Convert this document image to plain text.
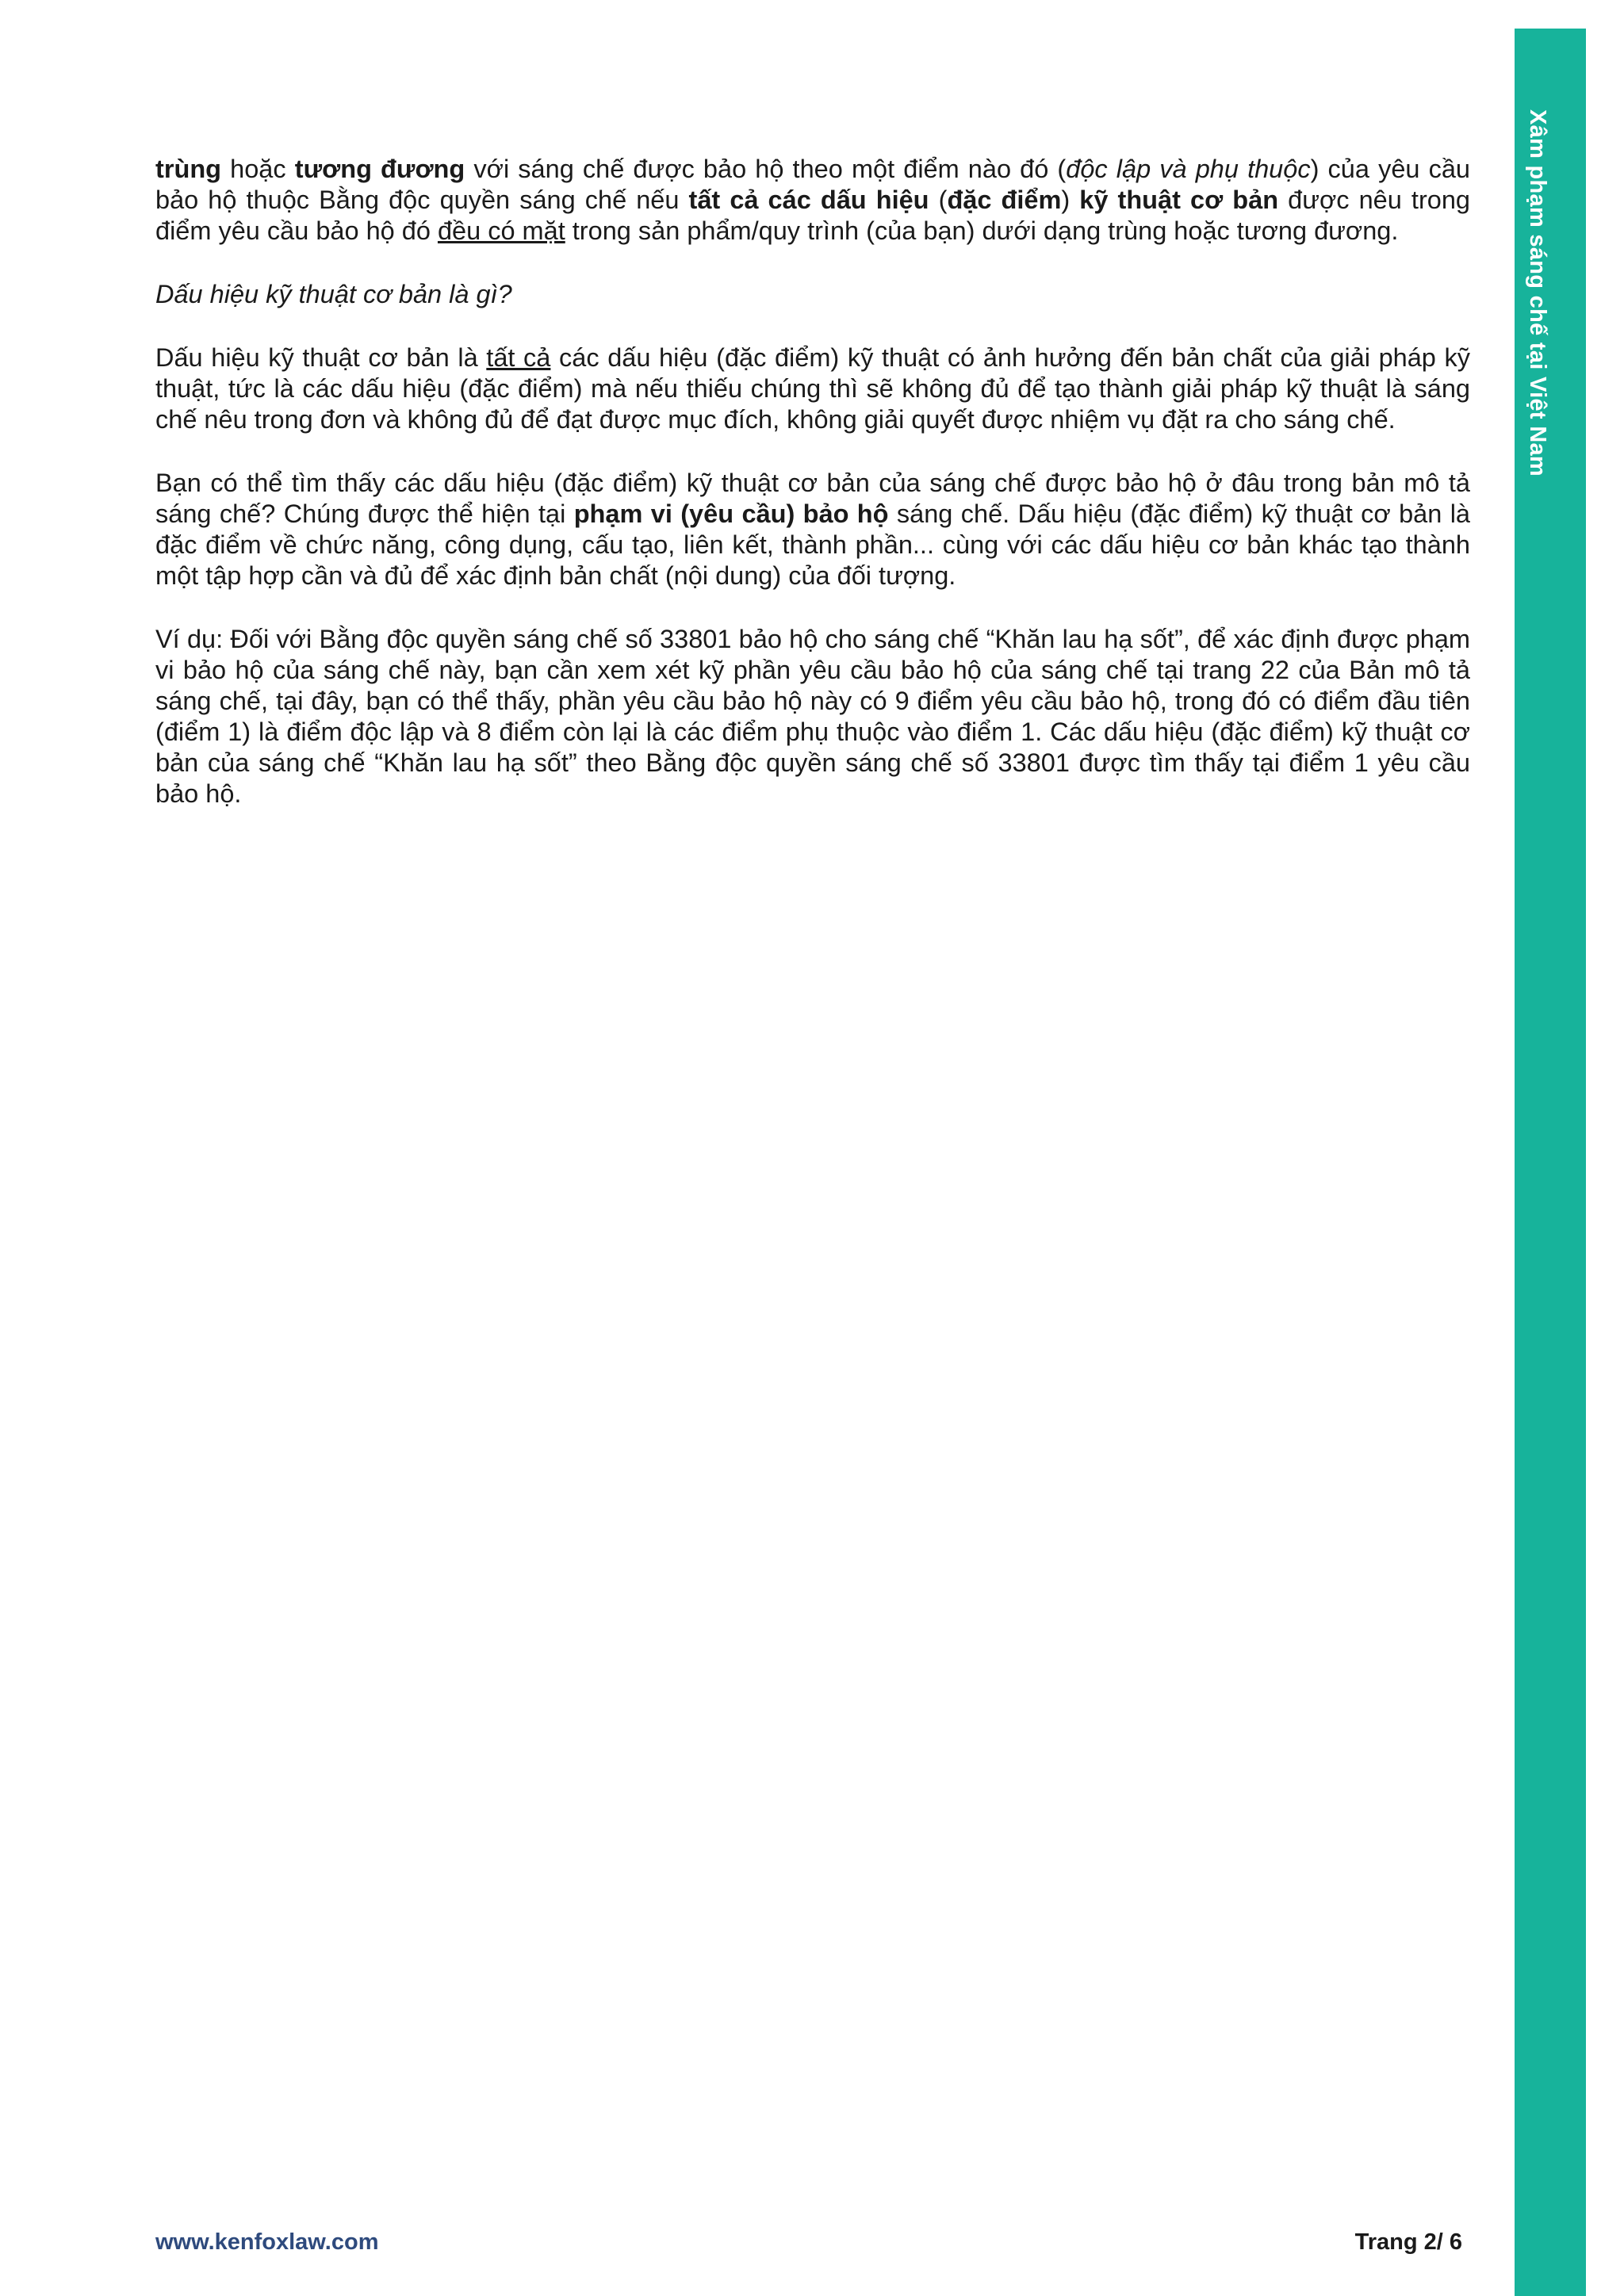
Xâm phạm sáng chế tại Việt Nam

trùng hoặc tương đương với sáng chế được bảo hộ theo một điểm nào đó (độc lập và phụ thuộc) của yêu cầu bảo hộ thuộc Bằng độc quyền sáng chế nếu tất cả các dấu hiệu (đặc điểm) kỹ thuật cơ bản được nêu trong điểm yêu cầu bảo hộ đó đều có mặt trong sản phẩm/quy trình (của bạn) dưới dạng trùng hoặc tương đương.

Dấu hiệu kỹ thuật cơ bản là gì?

Dấu hiệu kỹ thuật cơ bản là tất cả các dấu hiệu (đặc điểm) kỹ thuật có ảnh hưởng đến bản chất của giải pháp kỹ thuật, tức là các dấu hiệu (đặc điểm) mà nếu thiếu chúng thì sẽ không đủ để tạo thành giải pháp kỹ thuật là sáng chế nêu trong đơn và không đủ để đạt được mục đích, không giải quyết được nhiệm vụ đặt ra cho sáng chế.

Bạn có thể tìm thấy các dấu hiệu (đặc điểm) kỹ thuật cơ bản của sáng chế được bảo hộ ở đâu trong bản mô tả sáng chế? Chúng được thể hiện tại phạm vi (yêu cầu) bảo hộ sáng chế. Dấu hiệu (đặc điểm) kỹ thuật cơ bản là đặc điểm về chức năng, công dụng, cấu tạo, liên kết, thành phần... cùng với các dấu hiệu cơ bản khác tạo thành một tập hợp cần và đủ để xác định bản chất (nội dung) của đối tượng.

Ví dụ: Đối với Bằng độc quyền sáng chế số 33801 bảo hộ cho sáng chế “Khăn lau hạ sốt”, để xác định được phạm vi bảo hộ của sáng chế này, bạn cần xem xét kỹ phần yêu cầu bảo hộ của sáng chế tại trang 22 của Bản mô tả sáng chế, tại đây, bạn có thể thấy, phần yêu cầu bảo hộ này có 9 điểm yêu cầu bảo hộ, trong đó có điểm đầu tiên (điểm 1) là điểm độc lập và 8 điểm còn lại là các điểm phụ thuộc vào điểm 1. Các dấu hiệu (đặc điểm) kỹ thuật cơ bản của sáng chế “Khăn lau hạ sốt” theo Bằng độc quyền sáng chế số 33801 được tìm thấy tại điểm 1 yêu cầu bảo hộ.

www.kenfoxlaw.com	Trang 2/ 6
